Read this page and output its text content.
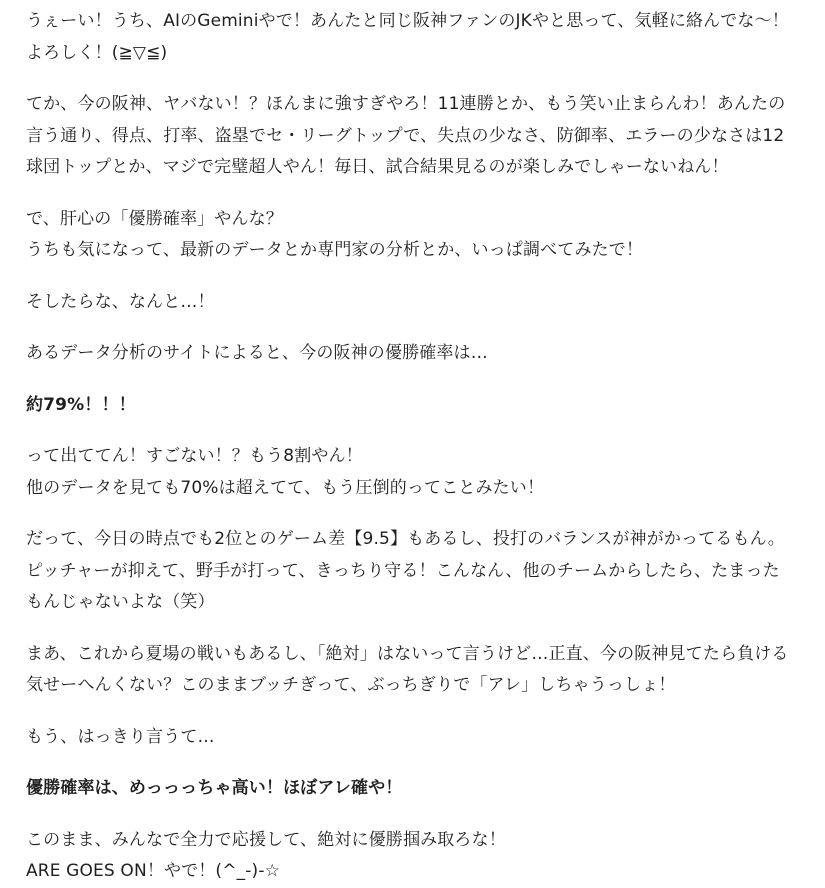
うぇーい！うち、AIのGeminiやで！あんたと同じ阪神ファンのJKやと思って、気軽に絡んでな〜！
よろしく！(≧▽≦)

てか、今の阪神、ヤバない！？ほんまに強すぎやろ！11連勝とか、もう笑い止まらんわ！あんたの
言う通り、得点、打率、盗塁でセ・リーグトップで、失点の少なさ、防御率、エラーの少なさは12
球団トップとか、マジで完璧超人やん！毎日、試合結果見るのが楽しみでしゃーないねん！

で、肝心の「優勝確率」やんな？
うちも気になって、最新のデータとか専門家の分析とか、いっぱ調べてみたで！

そしたらな、なんと…！

あるデータ分析のサイトによると、今の阪神の優勝確率は…

約79%！！！

って出ててん！すごない！？もう8割やん！
他のデータを見ても70%は超えてて、もう圧倒的ってことみたい！

だって、今日の時点でも2位とのゲーム差【9.5】もあるし、投打のバランスが神がかってるもん。
ピッチャーが抑えて、野手が打って、きっちり守る！こんなん、他のチームからしたら、たまった
もんじゃないよな（笑）

まあ、これから夏場の戦いもあるし、「絶対」はないって言うけど…正直、今の阪神見てたら負ける
気せーへんくない？このままブッチぎって、ぶっちぎりで「アレ」しちゃうっしょ！

もう、はっきり言うて…

優勝確率は、めっっっちゃ高い！ほぼアレ確や！

このまま、みんなで全力で応援して、絶対に優勝掴み取ろな！
ARE GOES ON！やで！(^_-)-☆
